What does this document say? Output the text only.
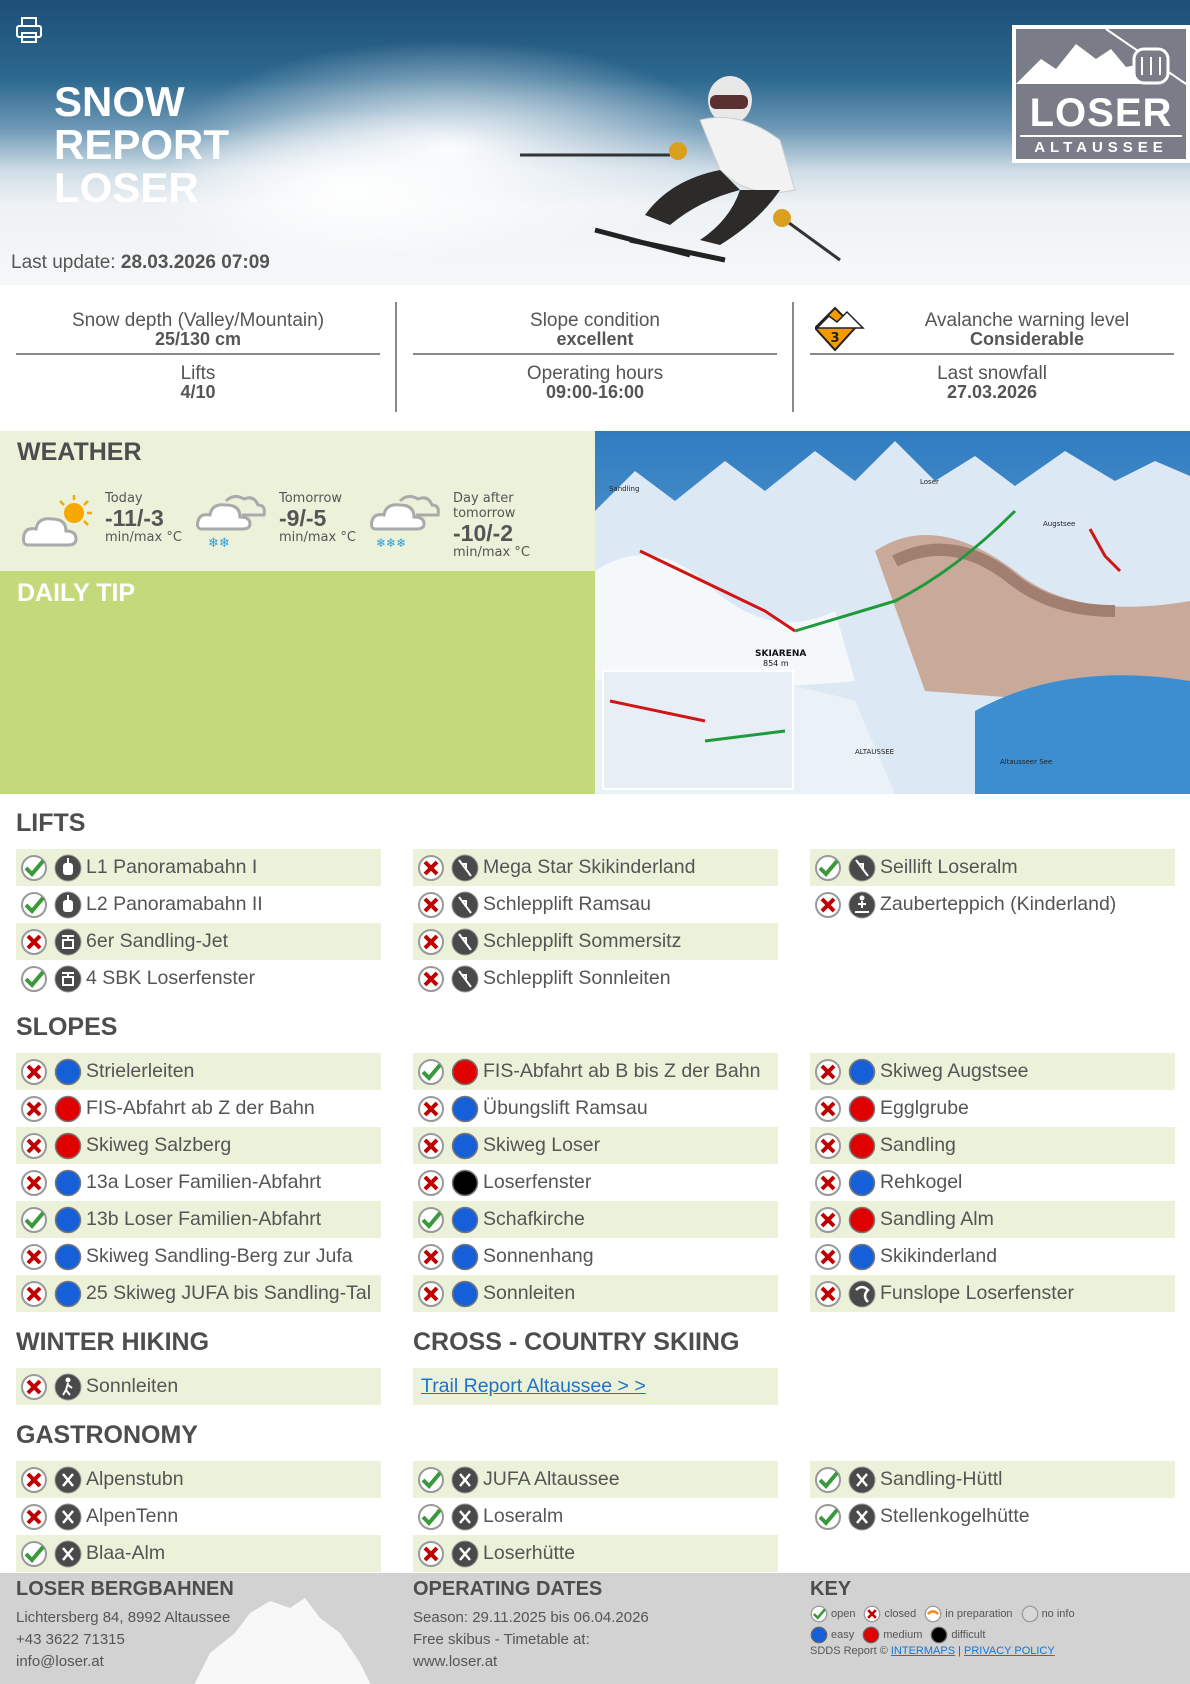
SNOW
REPORT
LOSER
Last update: 28.03.2026 07:09
LOSER
ALTAUSSEE
Snow depth (Valley/Mountain)
25/130 cm
Lifts
4/10
Slope condition
excellent
Operating hours
09:00-16:00
Avalanche warning level
Considerable
Last snowfall
27.03.2026
3
WEATHER
Today
-11/-3
min/max °C ❄❄
Tomorrow
-9/-5
min/max °C ❄❄❄
Day after tomorrow
-10/-2
min/max °C
DAILY TIP
SKIARENA
854 m
Sandling
Loser
Augstsee
ALTAUSSEE
Altausseer See
LIFTS
L1 Panoramabahn I
L2 Panoramabahn II
6er Sandling-Jet
4 SBK Loserfenster
Mega Star Skikinderland
Schlepplift Ramsau
Schlepplift Sommersitz
Schlepplift Sonnleiten
Seillift Loseralm
Zauberteppich (Kinderland)
SLOPES
Strielerleiten
FIS-Abfahrt ab Z der Bahn
Skiweg Salzberg
13a Loser Familien-Abfahrt
13b Loser Familien-Abfahrt
Skiweg Sandling-Berg zur Jufa
25 Skiweg JUFA bis Sandling-Tal
FIS-Abfahrt ab B bis Z der Bahn
Übungslift Ramsau
Skiweg Loser
Loserfenster
Schafkirche
Sonnenhang
Sonnleiten
Skiweg Augstsee
Egglgrube
Sandling
Rehkogel
Sandling Alm
Skikinderland
Funslope Loserfenster
WINTER HIKING
Sonnleiten
CROSS - COUNTRY SKIING
Trail Report Altaussee > >
GASTRONOMY
Alpenstubn
AlpenTenn
Blaa-Alm
JUFA Altaussee
Loseralm
Loserhütte
Sandling-Hüttl
Stellenkogelhütte
LOSER BERGBAHNEN

Lichtersberg 84, 8992 Altaussee

+43 3622 71315

info@loser.at

OPERATING DATES

Season: 29.11.2025 bis 06.04.2026

Free skibus - Timetable at:

www.loser.at

KEY
open	closed	in preparation	no info
easy	medium	difficult
SDDS Report © INTERMAPS | PRIVACY POLICY
